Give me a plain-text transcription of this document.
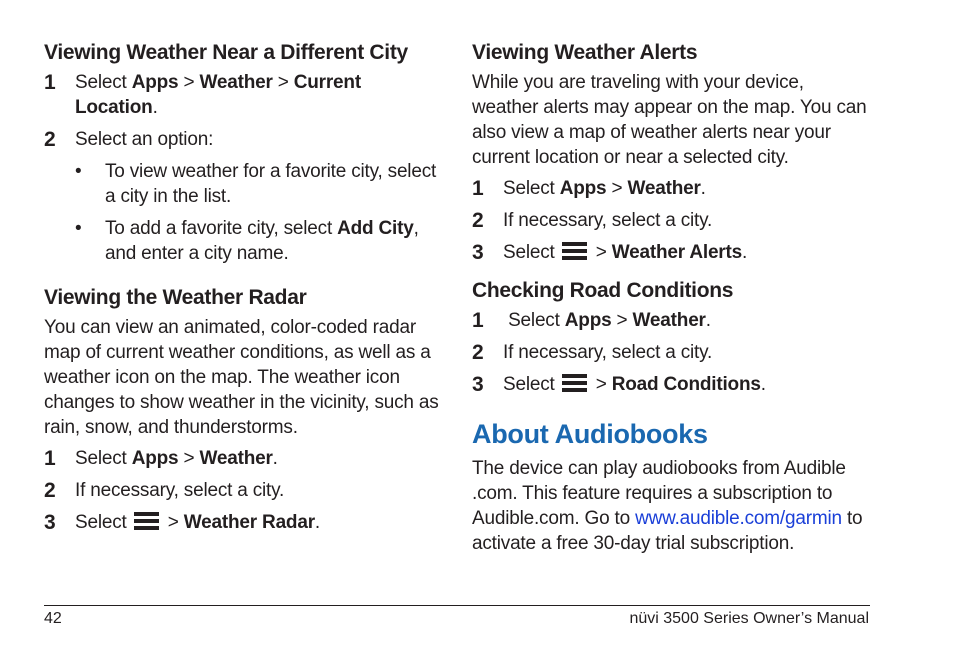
Viewing Weather Near a Different City
1	Select Apps > Weather > Current Location.
2	Select an option:
•	To view weather for a favorite city, select a city in the list.
•	To add a favorite city, select Add City, and enter a city name.
Viewing the Weather Radar

You can view an animated, color-coded radar map of current weather conditions, as well as a weather icon on the map. The weather icon changes to show weather in the vicinity, such as rain, snow, and thunderstorms.

1	Select Apps > Weather.
2	If necessary, select a city.
3	Select
> Weather Radar.
Viewing Weather Alerts

While you are traveling with your device, weather alerts may appear on the map. You can also view a map of weather alerts near your current location or near a selected city.

1	Select Apps > Weather.
2	If necessary, select a city.
3	Select
> Weather Alerts.
Checking Road Conditions
1	Select Apps > Weather.
2	If necessary, select a city.
3	Select
> Road Conditions.
About Audiobooks

The device can play audiobooks from Audible .com. This feature requires a subscription to Audible.com. Go to www.audible.com/garmin to activate a free 30-day trial subscription.

42	nüvi 3500 Series Owner’s Manual
